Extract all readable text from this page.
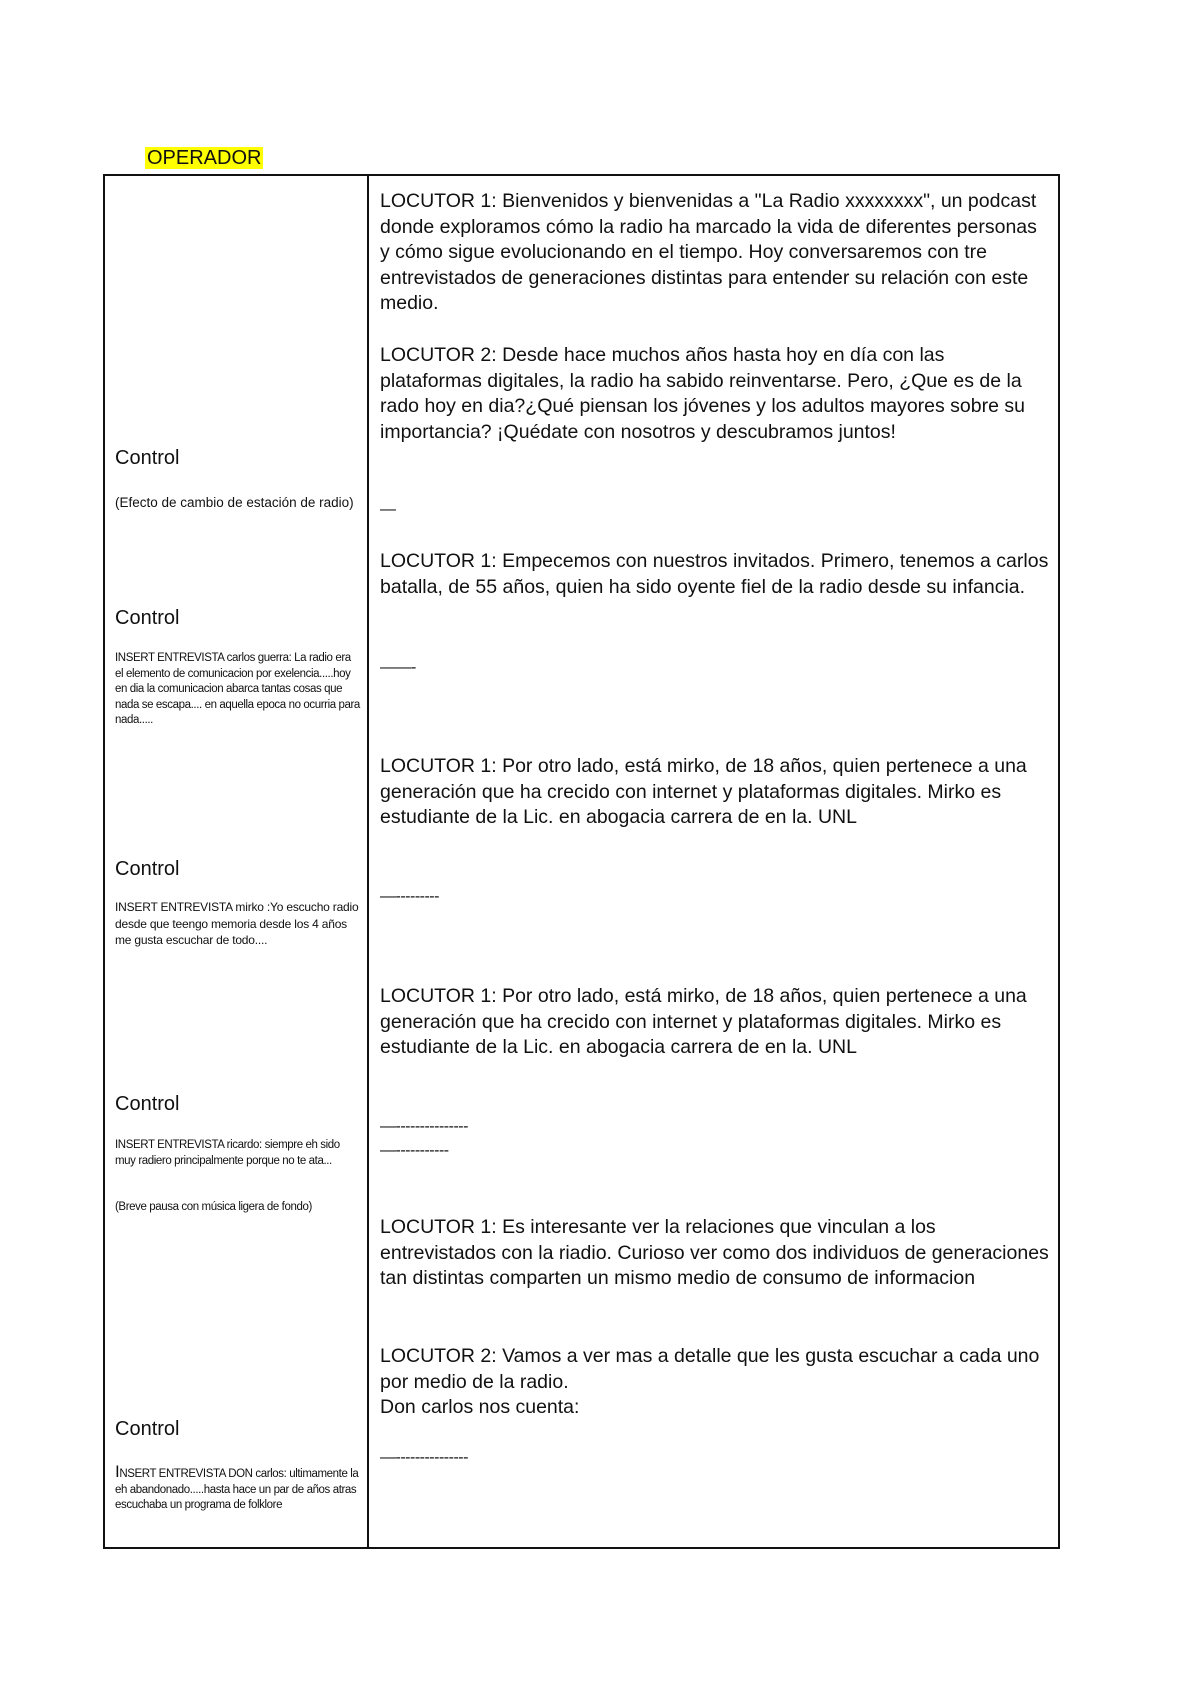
OPERADOR
Control
(Efecto de cambio de estación de radio)
Control
INSERT ENTREVISTA carlos guerra: La radio era el elemento de comunicacion por exelencia.....hoy en dia la comunicacion abarca tantas cosas que nada se escapa.... en aquella epoca no ocurria para nada.....
Control
INSERT ENTREVISTA mirko :Yo escucho radio desde que teengo memoria desde los 4 años me gusta escuchar de todo....
Control
INSERT ENTREVISTA ricardo: siempre eh sido muy radiero principalmente porque no te ata...
(Breve pausa con música ligera de fondo)
Control
INSERT ENTREVISTA DON carlos: ultimamente la eh abandonado.....hasta hace un par de años atras escuchaba un programa de folklore

LOCUTOR 1: Bienvenidos y bienvenidas a "La Radio xxxxxxxx", un podcast donde exploramos cómo la radio ha marcado la vida de diferentes personas y cómo sigue evolucionando en el tiempo. Hoy conversaremos con tre entrevistados de generaciones distintas para entender su relación con este medio.

LOCUTOR 2: Desde hace muchos años hasta hoy en día con las plataformas digitales, la radio ha sabido reinventarse. Pero, ¿Que es de la rado hoy en dia?¿Qué piensan los jóvenes y los adultos mayores sobre su importancia? ¡Quédate con nosotros y descubramos juntos!

—

LOCUTOR 1: Empecemos con nuestros invitados. Primero, tenemos a carlos batalla, de 55 años, quien ha sido oyente fiel de la radio desde su infancia.

——-

LOCUTOR 1: Por otro lado, está mirko, de 18 años, quien pertenece a una generación que ha crecido con internet y plataformas digitales. Mirko es estudiante de la Lic. en abogacia carrera de en la. UNL

—---------

LOCUTOR 1: Por otro lado, está mirko, de 18 años, quien pertenece a una generación que ha crecido con internet y plataformas digitales. Mirko es estudiante de la Lic. en abogacia carrera de en la. UNL

—---------------
—-----------

LOCUTOR 1: Es interesante ver la relaciones que vinculan a los entrevistados con la riadio. Curioso ver como dos individuos de generaciones tan distintas comparten un mismo medio de consumo de informacion

LOCUTOR 2: Vamos a ver mas a detalle que les gusta escuchar a cada uno por medio de la radio.

Don carlos nos cuenta:

—---------------
